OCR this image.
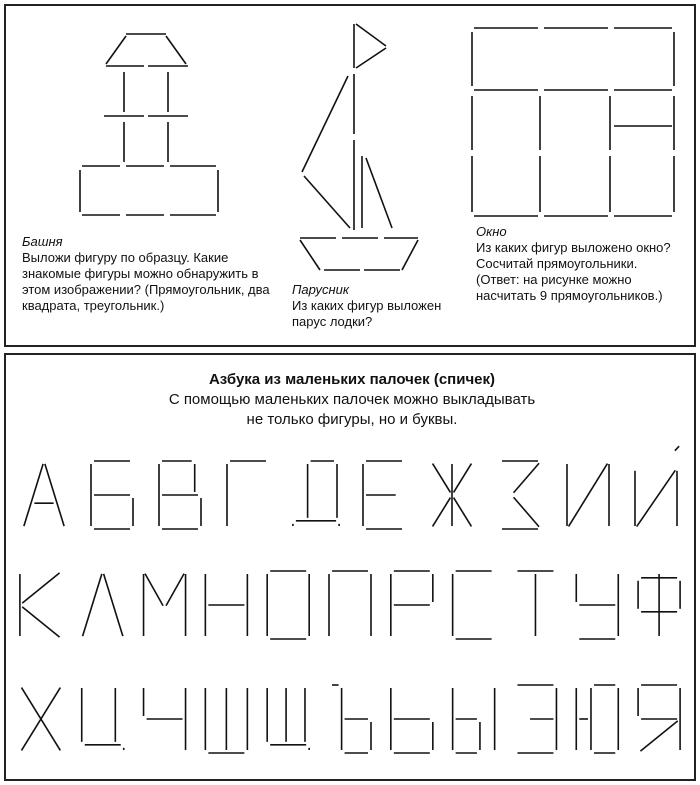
Башня
Выложи фигуру по образцу. Какие знакомые фигуры можно обнаружить в этом изображении? (Прямоугольник, два квадрата, треугольник.)
Парусник
Из каких фигур выложен парус лодки?
Окно
Из каких фигур выложено окно? Сосчитай прямоугольники.
(Ответ: на рисунке можно насчитать 9 прямоугольников.)
Азбука из маленьких палочек (спичек)
С помощью маленьких палочек можно выкладывать
не только фигуры, но и буквы.
